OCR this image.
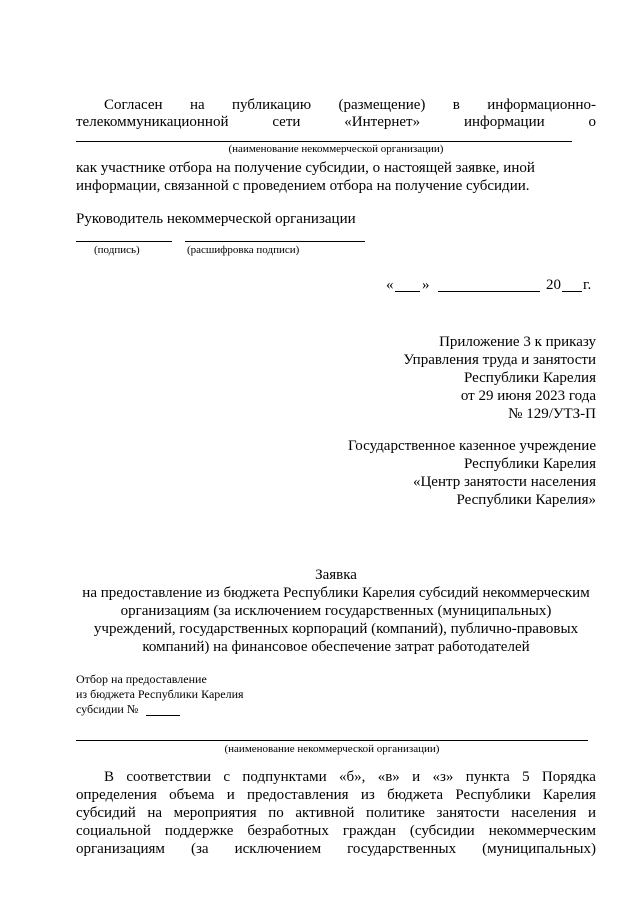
Согласен на публикацию (размещение) в информационно-
телекоммуникационной	сети	«Интернет»	информации	о
(наименование некоммерческой организации)
как участнике отбора на получение субсидии, о настоящей заявке, иной
информации, связанной с проведением отбора на получение субсидии.
Руководитель некоммерческой организации
(подпись)	(расшифровка подписи)
« »	20 г.
Приложение 3 к приказу
Управления труда и занятости
Республики Карелия
от 29 июня 2023 года
№ 129/УТЗ-П
Государственное казенное учреждение
Республики Карелия
«Центр занятости населения
Республики Карелия»
Заявка
на предоставление из бюджета Республики Карелия субсидий некоммерческим
организациям (за исключением государственных (муниципальных)
учреждений, государственных корпораций (компаний), публично-правовых
компаний) на финансовое обеспечение затрат работодателей
Отбор на предоставление
из бюджета Республики Карелия
субсидии №
(наименование некоммерческой организации)
В соответствии с подпунктами «б», «в» и «з» пункта 5 Порядка
определения объема и предоставления из бюджета Республики Карелия
субсидий на мероприятия по активной политике занятости населения и
социальной поддержке безработных граждан (субсидии некоммерческим
организациям (за исключением государственных (муниципальных)
